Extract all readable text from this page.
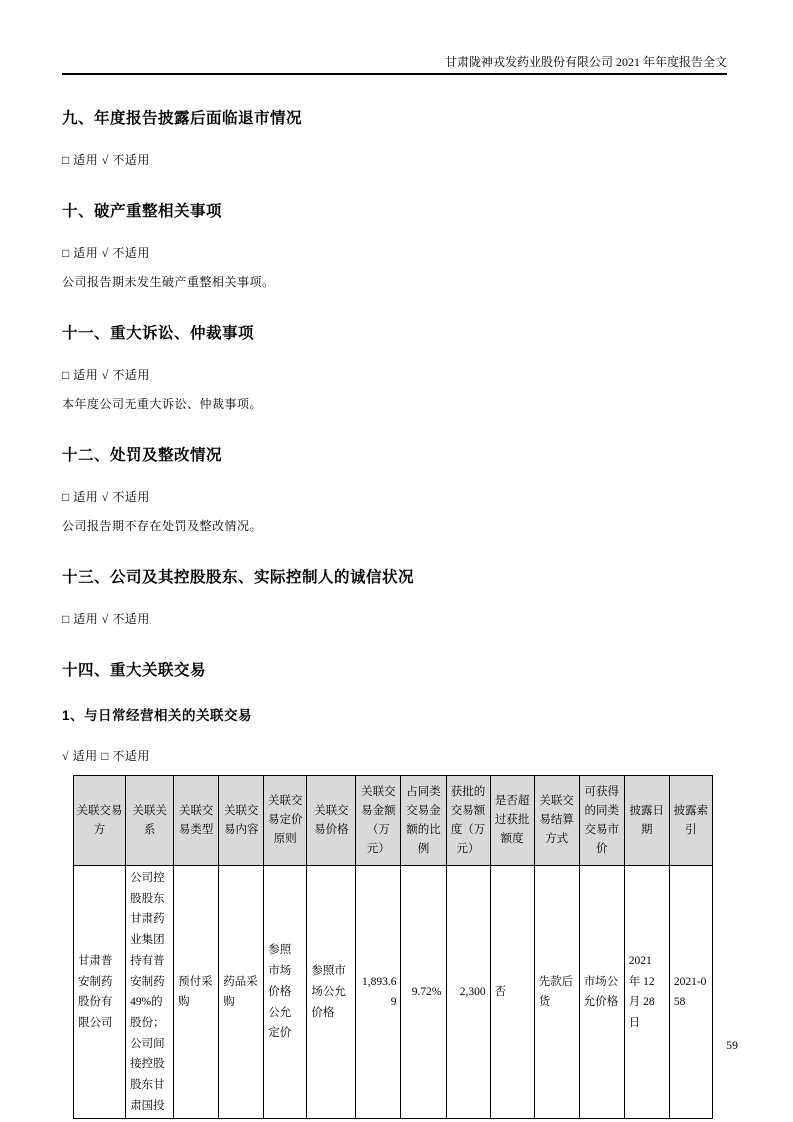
甘肃陇神戎发药业股份有限公司 2021 年年度报告全文
九、年度报告披露后面临退市情况
□ 适用 √ 不适用
十、破产重整相关事项
□ 适用 √ 不适用
公司报告期未发生破产重整相关事项。
十一、重大诉讼、仲裁事项
□ 适用 √ 不适用
本年度公司无重大诉讼、仲裁事项。
十二、处罚及整改情况
□ 适用 √ 不适用
公司报告期不存在处罚及整改情况。
十三、公司及其控股股东、实际控制人的诚信状况
□ 适用 √ 不适用
十四、重大关联交易
1、与日常经营相关的关联交易
√ 适用 □ 不适用
关联交易方	关联关系	关联交易类型	关联交易内容	关联交易定价原则	关联交易价格	关联交易金额（万元）	占同类交易金额的比例	获批的交易额度（万元）	是否超过获批额度	关联交易结算方式	可获得的同类交易市价	披露日期	披露索引
甘肃普安制药股份有限公司	公司控股股东甘肃药业集团持有普安制药49%的股份；公司间接控股股东甘肃国投	预付采购	药品采购	参照市场价格公允定价	参照市场公允价格	1,893.69	9.72%	2,300	否	先款后货	市场公允价格	2021 年 12 月 28 日	2021-058
59
